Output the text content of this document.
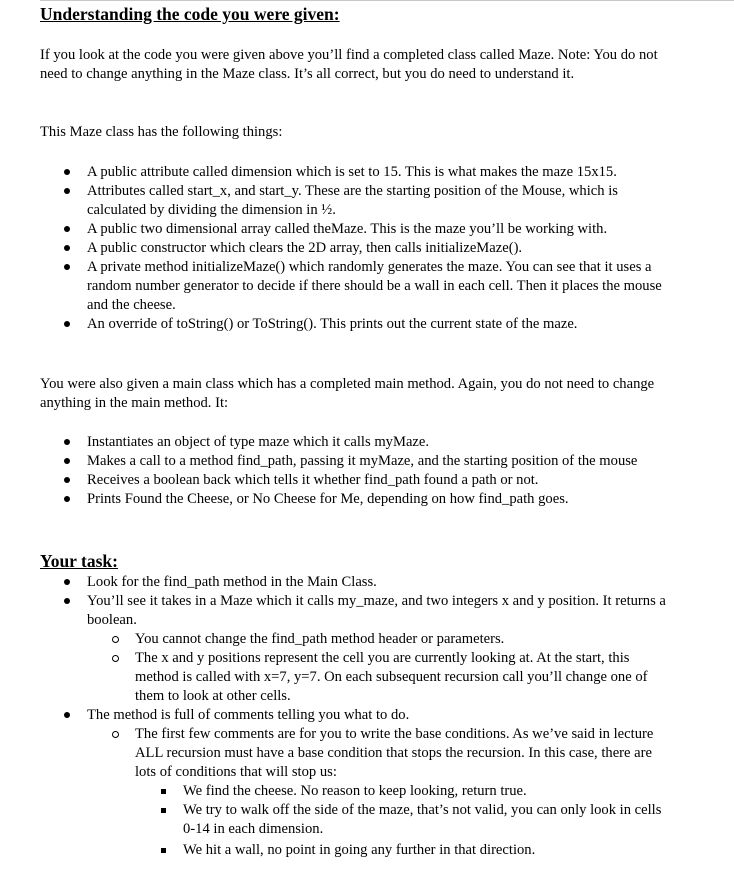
Understanding the code you were given:

If you look at the code you were given above you’ll find a completed class called Maze. Note: You do not need to change anything in the Maze class. It’s all correct, but you do need to understand it.

This Maze class has the following things:

A public attribute called dimension which is set to 15. This is what makes the maze 15x15.
Attributes called start_x, and start_y. These are the starting position of the Mouse, which is calculated by dividing the dimension in ½.
A public two dimensional array called theMaze. This is the maze you’ll be working with.
A public constructor which clears the 2D array, then calls initializeMaze().
A private method initializeMaze() which randomly generates the maze. You can see that it uses a random number generator to decide if there should be a wall in each cell. Then it places the mouse and the cheese.
An override of toString() or ToString(). This prints out the current state of the maze.

You were also given a main class which has a completed main method. Again, you do not need to change anything in the main method. It:

Instantiates an object of type maze which it calls myMaze.
Makes a call to a method find_path, passing it myMaze, and the starting position of the mouse
Receives a boolean back which tells it whether find_path found a path or not.
Prints Found the Cheese, or No Cheese for Me, depending on how find_path goes.
Your task:
Look for the find_path method in the Main Class.
You’ll see it takes in a Maze which it calls my_maze, and two integers x and y position. It returns a boolean.
You cannot change the find_path method header or parameters.
The x and y positions represent the cell you are currently looking at. At the start, this method is called with x=7, y=7. On each subsequent recursion call you’ll change one of them to look at other cells.
The method is full of comments telling you what to do.
The first few comments are for you to write the base conditions. As we’ve said in lecture ALL recursion must have a base condition that stops the recursion. In this case, there are lots of conditions that will stop us:
We find the cheese. No reason to keep looking, return true.
We try to walk off the side of the maze, that’s not valid, you can only look in cells 0-14 in each dimension.
We hit a wall, no point in going any further in that direction.
